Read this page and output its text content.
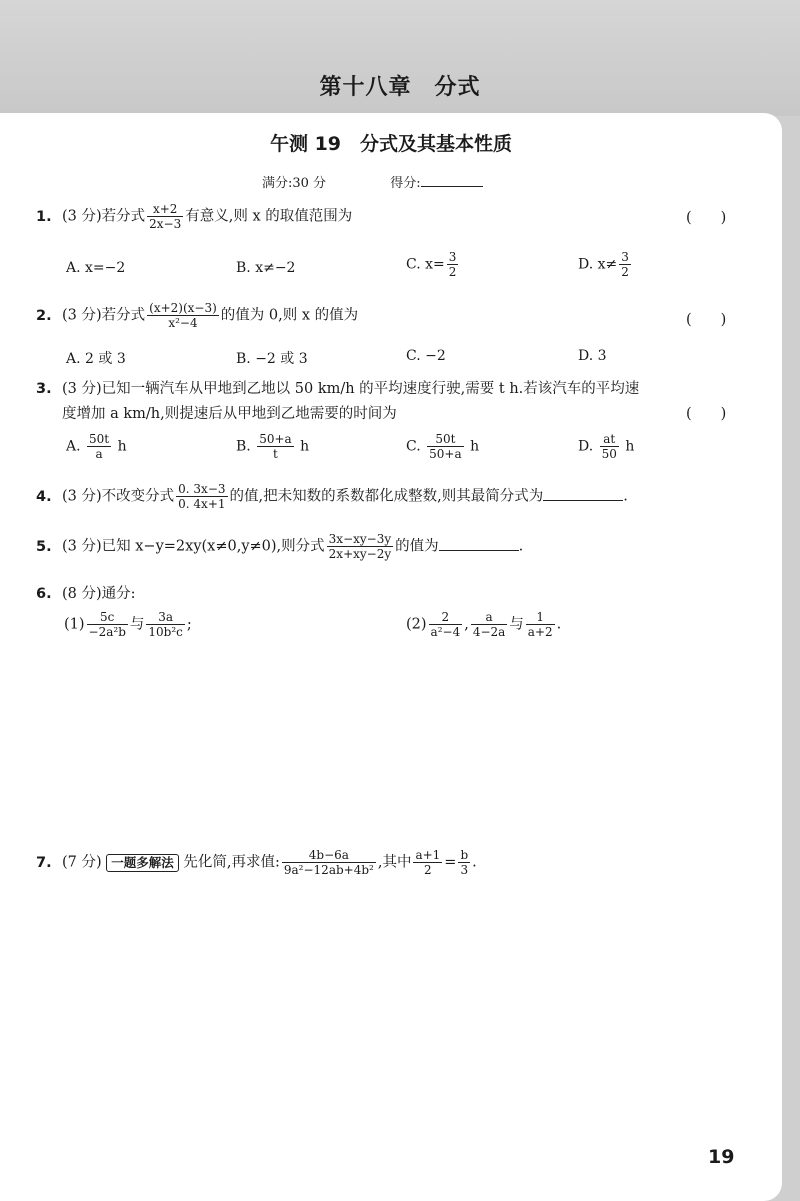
第十八章　分式
午测 19　分式及其基本性质
满分:30 分	得分:
1. (3 分)若分式 $\frac{x+2}{2x-3}$ 有意义,则 x 的取值范围为	(　　)
A. x=−2	B. x≠−2	C. $x= \frac{3}{2}$	D. $x\ne \frac{3}{2}$
2. (3 分)若分式 $\frac{(x+2)(x-3)}{\text{x²−4}}$ 的值为 0,则 x 的值为	(　　)
A. 2 或 3	B. −2 或 3	C. −2	D. 3
3. (3 分)已知一辆汽车从甲地到乙地以 50 km/h 的平均速度行驶,需要 t h.若该汽车的平均速
度增加 a km/h,则提速后从甲地到乙地需要的时间为	(　　)
A. $\frac{50t}{a}$ h	B. $\frac{50+a}{t}$ h	C. $\frac{50t}{50+a}$ h	D. $\frac{at}{50}$ h
4. (3 分)不改变分式 $\frac{0. 3x-3}{0. 4x+1}$ 的值,把未知数的系数都化成整数,则其最简分式为	.
5. (3 分)已知 x−y=2xy(x≠0,y≠0),则分式 $\frac{3x-xy-3y}{2x+xy-2y}$ 的值为	.
6. (8 分)通分:
$(1) \frac{5c}{\text{−2a²b}}$ 与 $\frac{3a}{\text{10b²c}}$ ;	$(2) \frac{2}{\text{a²−4}}$ , $\frac{a}{4-2a}$ 与 $\frac{1}{a+2}$ .
7. (7 分) 一题多解法 先化简,再求值: $\frac{4b-6a}{\text{9a²−12ab+4b²}}$ ,其中 $\frac{a+1}{2} = \frac{b}{3}$ .
19
